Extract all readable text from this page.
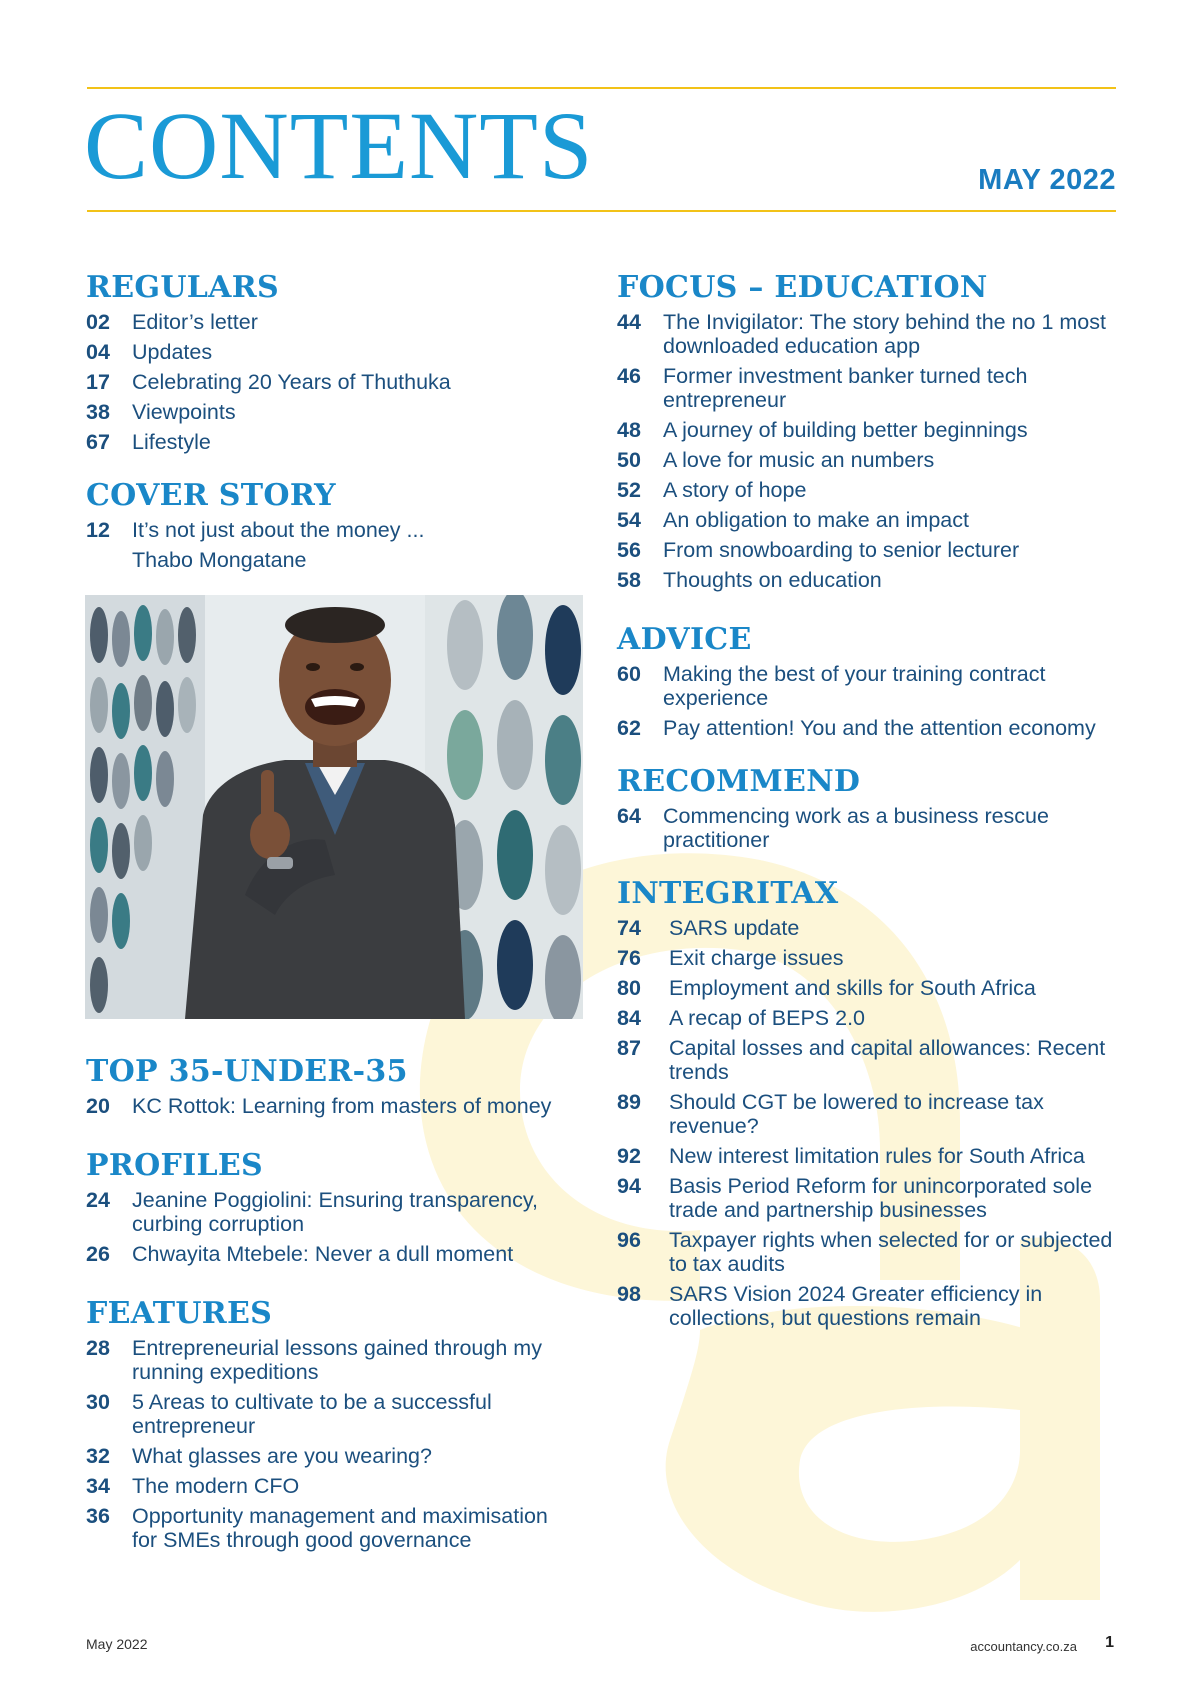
CONTENTS	MAY 2022
REGULARS
02	Editor’s letter
04	Updates
17	Celebrating 20 Years of Thuthuka
38	Viewpoints
67	Lifestyle
COVER STORY
12	It’s not just about the money ...
Thabo Mongatane
TOP 35-UNDER-35
20	KC Rottok: Learning from masters of money
PROFILES
24	Jeanine Poggiolini: Ensuring transparency, curbing corruption
26	Chwayita Mtebele: Never a dull moment
FEATURES
28	Entrepreneurial lessons gained through my running expeditions
30	5 Areas to cultivate to be a successful entrepreneur
32	What glasses are you wearing?
34	The modern CFO
36	Opportunity management and maximisation for SMEs through good governance
FOCUS – EDUCATION
44	The Invigilator: The story behind the no 1 most downloaded education app
46	Former investment banker turned tech entrepreneur
48	A journey of building better beginnings
50	A love for music an numbers
52	A story of hope
54	An obligation to make an impact
56	From snowboarding to senior lecturer
58	Thoughts on education
ADVICE
60	Making the best of your training contract experience
62	Pay attention! You and the attention economy
RECOMMEND
64	Commencing work as a business rescue practitioner
INTEGRITAX
74	SARS update
76	Exit charge issues
80	Employment and skills for South Africa
84	A recap of BEPS 2.0
87	Capital losses and capital allowances: Recent trends
89	Should CGT be lowered to increase tax revenue?
92	New interest limitation rules for South Africa
94	Basis Period Reform for unincorporated sole trade and partnership businesses
96	Taxpayer rights when selected for or subjected to tax audits
98	SARS Vision 2024 Greater efficiency in collections, but questions remain
May 2022	accountancy.co.za 1
